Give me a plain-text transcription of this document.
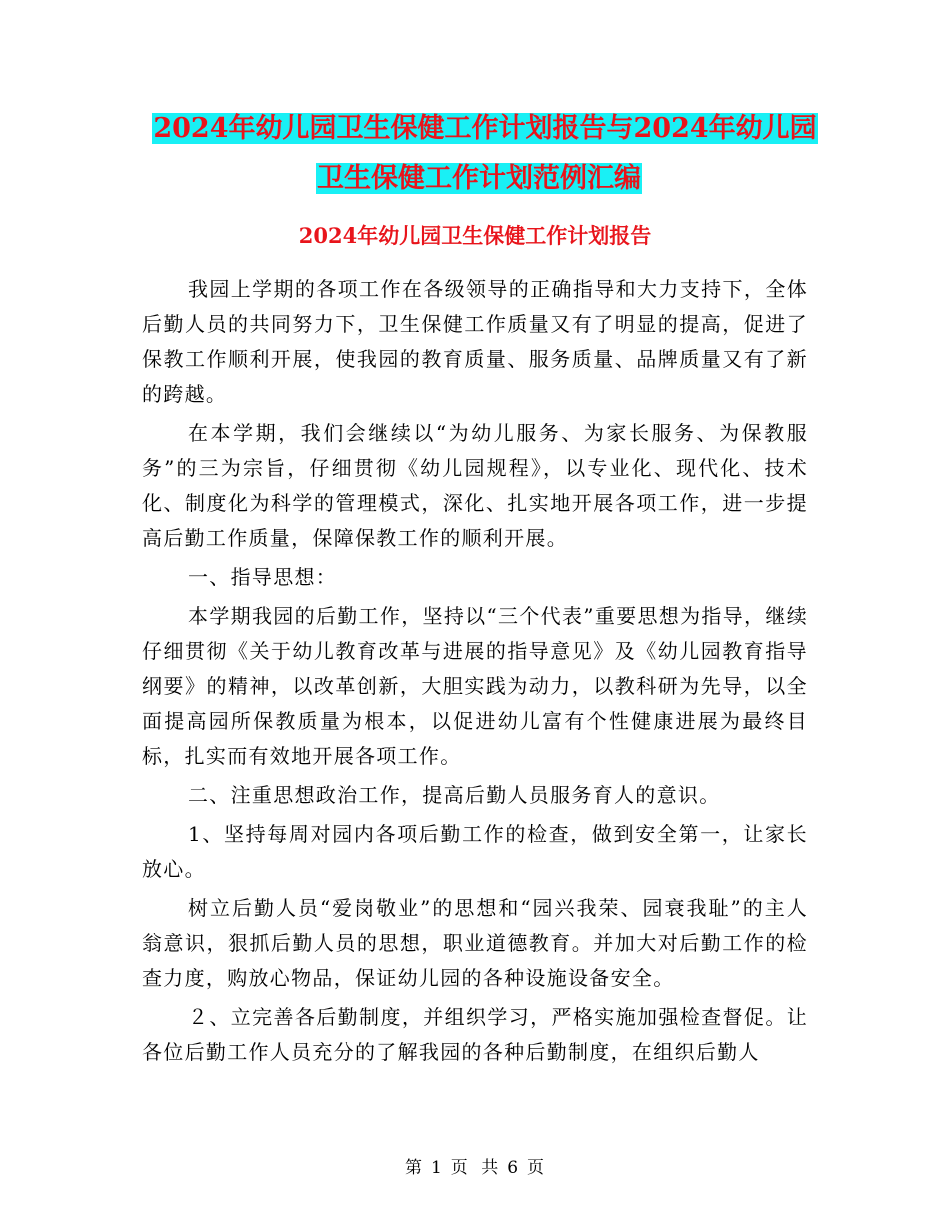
2024年幼儿园卫生保健工作计划报告与2024年幼儿园
卫生保健工作计划范例汇编
2024年幼儿园卫生保健工作计划报告

我园上学期的各项工作在各级领导的正确指导和大力支持下，全体后勤人员的共同努力下，卫生保健工作质量又有了明显的提高，促进了保教工作顺利开展，使我园的教育质量、服务质量、品牌质量又有了新的跨越。

在本学期，我们会继续以“为幼儿服务、为家长服务、为保教服务”的三为宗旨，仔细贯彻《幼儿园规程》，以专业化、现代化、技术化、制度化为科学的管理模式，深化、扎实地开展各项工作，进一步提高后勤工作质量，保障保教工作的顺利开展。

一、指导思想：

本学期我园的后勤工作，坚持以“三个代表”重要思想为指导，继续仔细贯彻《关于幼儿教育改革与进展的指导意见》及《幼儿园教育指导纲要》的精神，以改革创新，大胆实践为动力，以教科研为先导，以全面提高园所保教质量为根本，以促进幼儿富有个性健康进展为最终目标，扎实而有效地开展各项工作。

二、注重思想政治工作，提高后勤人员服务育人的意识。

1、坚持每周对园内各项后勤工作的检查，做到安全第一，让家长放心。

树立后勤人员“爱岗敬业”的思想和“园兴我荣、园衰我耻”的主人翁意识，狠抓后勤人员的思想，职业道德教育。并加大对后勤工作的检查力度，购放心物品，保证幼儿园的各种设施设备安全。

２、立完善各后勤制度，并组织学习，严格实施加强检查督促。让各位后勤工作人员充分的了解我园的各种后勤制度，在组织后勤人

第 1 页 共 6 页
